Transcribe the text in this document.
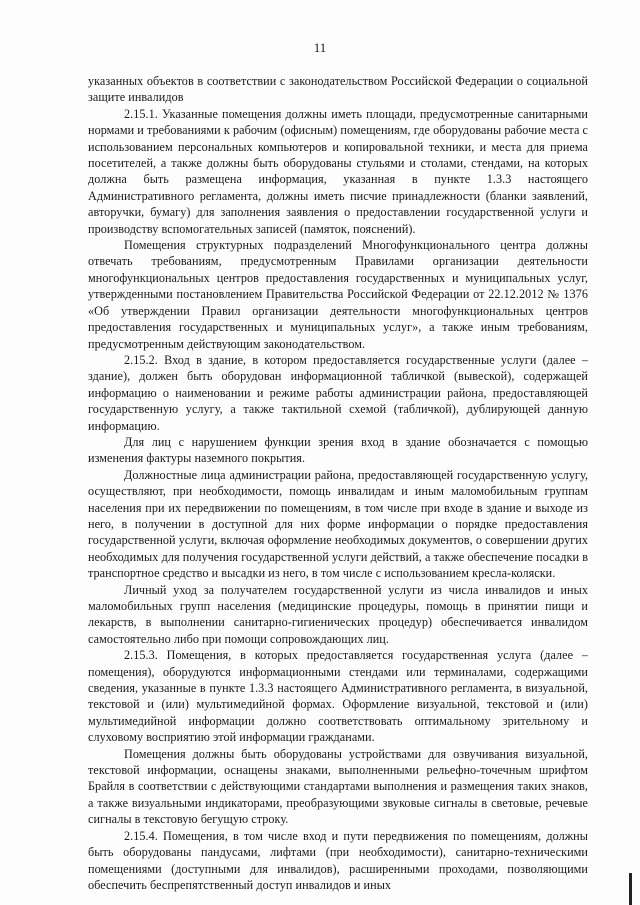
11

указанных объектов в соответствии с законодательством Российской Федерации о социальной защите инвалидов

2.15.1. Указанные помещения должны иметь площади, предусмотренные санитарными нормами и требованиями к рабочим (офисным) помещениям, где оборудованы рабочие места с использованием персональных компьютеров и копировальной техники, и места для приема посетителей, а также должны быть оборудованы стульями и столами, стендами, на которых должна быть размещена информация, указанная в пункте 1.3.3 настоящего Административного регламента, должны иметь писчие принадлежности (бланки заявлений, авторучки, бумагу) для заполнения заявления о предоставлении государственной услуги и производству вспомогательных записей (памяток, пояснений).

Помещения структурных подразделений Многофункционального центра должны отвечать требованиям, предусмотренным Правилами организации деятельности многофункциональных центров предоставления государственных и муниципальных услуг, утвержденными постановлением Правительства Российской Федерации от 22.12.2012 № 1376 «Об утверждении Правил организации деятельности многофункциональных центров предоставления государственных и муниципальных услуг», а также иным требованиям, предусмотренным действующим законодательством.

2.15.2. Вход в здание, в котором предоставляется государственные услуги (далее – здание), должен быть оборудован информационной табличкой (вывеской), содержащей информацию о наименовании и режиме работы администрации района, предоставляющей государственную услугу, а также тактильной схемой (табличкой), дублирующей данную информацию.

Для лиц с нарушением функции зрения вход в здание обозначается с помощью изменения фактуры наземного покрытия.

Должностные лица администрации района, предоставляющей государственную услугу, осуществляют, при необходимости, помощь инвалидам и иным маломобильным группам населения при их передвижении по помещениям, в том числе при входе в здание и выходе из него, в получении в доступной для них форме информации о порядке предоставления государственной услуги, включая оформление необходимых документов, о совершении других необходимых для получения государственной услуги действий, а также обеспечение посадки в транспортное средство и высадки из него, в том числе с использованием кресла-коляски.

Личный уход за получателем государственной услуги из числа инвалидов и иных маломобильных групп населения (медицинские процедуры, помощь в принятии пищи и лекарств, в выполнении санитарно-гигиенических процедур) обеспечивается инвалидом самостоятельно либо при помощи сопровождающих лиц.

2.15.3. Помещения, в которых предоставляется государственная услуга (далее – помещения), оборудуются информационными стендами или терминалами, содержащими сведения, указанные в пункте 1.3.3 настоящего Административного регламента, в визуальной, текстовой и (или) мультимедийной формах. Оформление визуальной, текстовой и (или) мультимедийной информации должно соответствовать оптимальному зрительному и слуховому восприятию этой информации гражданами.

Помещения должны быть оборудованы устройствами для озвучивания визуальной, текстовой информации, оснащены знаками, выполненными рельефно-точечным шрифтом Брайля в соответствии с действующими стандартами выполнения и размещения таких знаков, а также визуальными индикаторами, преобразующими звуковые сигналы в световые, речевые сигналы в текстовую бегущую строку.

2.15.4. Помещения, в том числе вход и пути передвижения по помещениям, должны быть оборудованы пандусами, лифтами (при необходимости), санитарно-техническими помещениями (доступными для инвалидов), расширенными проходами, позволяющими обеспечить беспрепятственный доступ инвалидов и иных
